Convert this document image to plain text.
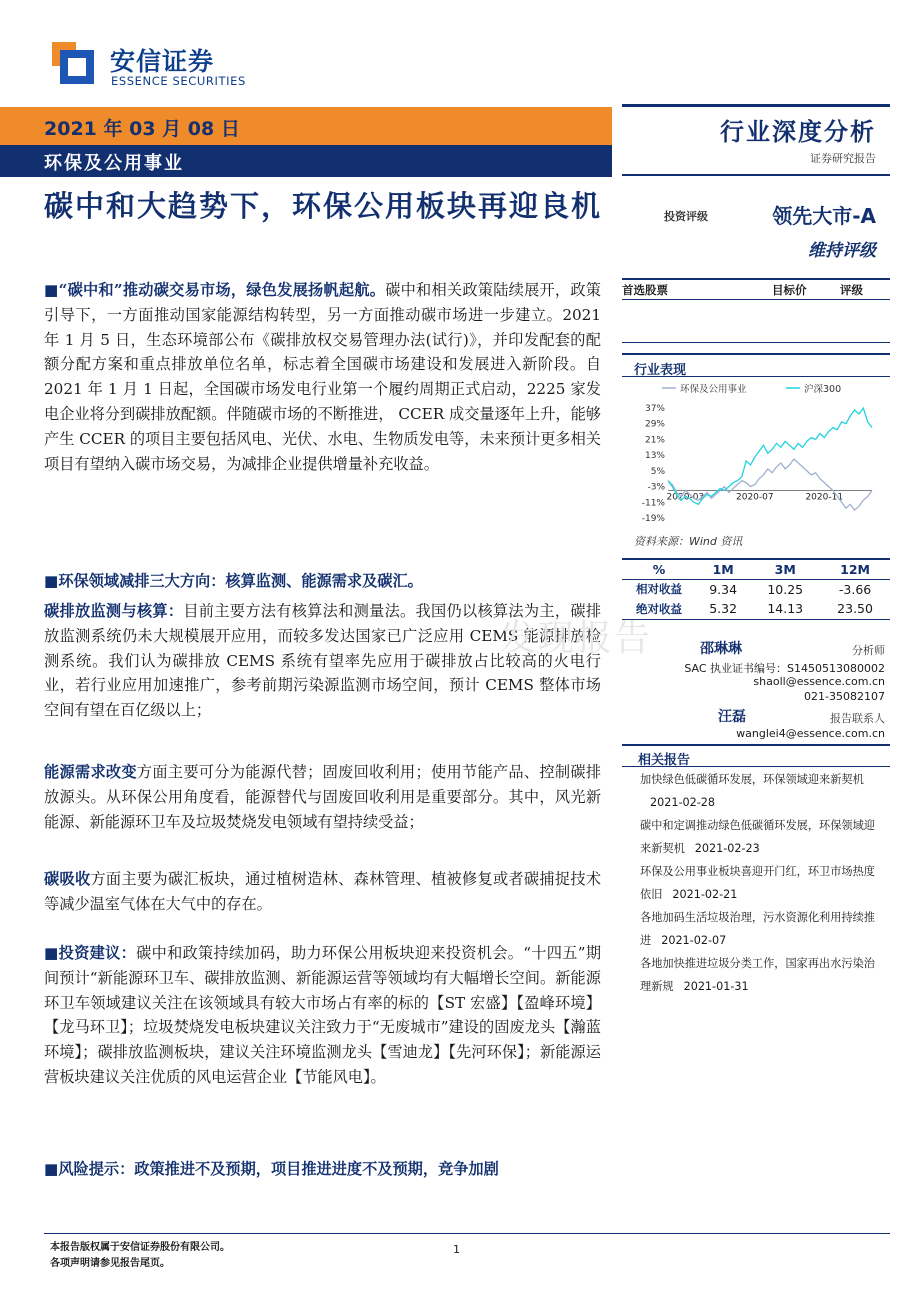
安信证券
ESSENCE SECURITIES
2021 年 03 月 08 日
环保及公用事业
行业深度分析
证券研究报告
碳中和大趋势下，环保公用板块再迎良机
■“碳中和”推动碳交易市场，绿色发展扬帆起航。碳中和相关政策陆续展开，政策引导下，一方面推动国家能源结构转型，另一方面推动碳市场进一步建立。2021 年 1 月 5 日，生态环境部公布《碳排放权交易管理办法(试行)》，并印发配套的配额分配方案和重点排放单位名单，标志着全国碳市场建设和发展进入新阶段。自 2021 年 1 月 1 日起，全国碳市场发电行业第一个履约周期正式启动，2225 家发电企业将分到碳排放配额。伴随碳市场的不断推进， CCER 成交量逐年上升，能够产生 CCER 的项目主要包括风电、光伏、水电、生物质发电等，未来预计更多相关项目有望纳入碳市场交易，为减排企业提供增量补充收益。
■环保领域减排三大方向：核算监测、能源需求及碳汇。
碳排放监测与核算：目前主要方法有核算法和测量法。我国仍以核算法为主，碳排放监测系统仍未大规模展开应用，而较多发达国家已广泛应用 CEMS 能源排放检测系统。我们认为碳排放 CEMS 系统有望率先应用于碳排放占比较高的火电行业，若行业应用加速推广，参考前期污染源监测市场空间，预计 CEMS 整体市场空间有望在百亿级以上；
能源需求改变方面主要可分为能源代替；固废回收利用；使用节能产品、控制碳排放源头。从环保公用角度看，能源替代与固废回收利用是重要部分。其中，风光新能源、新能源环卫车及垃圾焚烧发电领域有望持续受益；
碳吸收方面主要为碳汇板块，通过植树造林、森林管理、植被修复或者碳捕捉技术等减少温室气体在大气中的存在。
■投资建议：碳中和政策持续加码，助力环保公用板块迎来投资机会。“十四五”期间预计“新能源环卫车、碳排放监测、新能源运营等领域均有大幅增长空间。新能源环卫车领域建议关注在该领域具有较大市场占有率的标的【ST 宏盛】【盈峰环境】【龙马环卫】；垃圾焚烧发电板块建议关注致力于“无废城市”建设的固废龙头【瀚蓝环境】；碳排放监测板块，建议关注环境监测龙头【雪迪龙】【先河环保】；新能源运营板块建议关注优质的风电运营企业【节能风电】。
■风险提示：政策推进不及预期，项目推进进度不及预期，竞争加剧
投资评级	领先大市-A
维持评级
首选股票	目标价	评级
行业表现
环保及公用事业	沪深300
37%
29%
21%
13%
5%
-3%
-11%
-19%
2020-03	2020-07	2020-11
资料来源：Wind 资讯
%	1M	3M	12M
相对收益	9.34	10.25	-3.66
绝对收益	5.32	14.13	23.50
邵琳琳	分析师
SAC 执业证书编号：S1450513080002
shaoll@essence.com.cn
021-35082107
汪磊	报告联系人
wanglei4@essence.com.cn
相关报告
加快绿色低碳循环发展，环保领域迎来新契机2021-02-28
碳中和定调推动绿色低碳循环发展，环保领域迎来新契机 2021-02-23
环保及公用事业板块喜迎开门红，环卫市场热度依旧 2021-02-21
各地加码生活垃圾治理，污水资源化利用持续推进 2021-02-07
各地加快推进垃圾分类工作，国家再出水污染治理新规 2021-01-31
发现报告
本报告版权属于安信证券股份有限公司。
各项声明请参见报告尾页。
1
